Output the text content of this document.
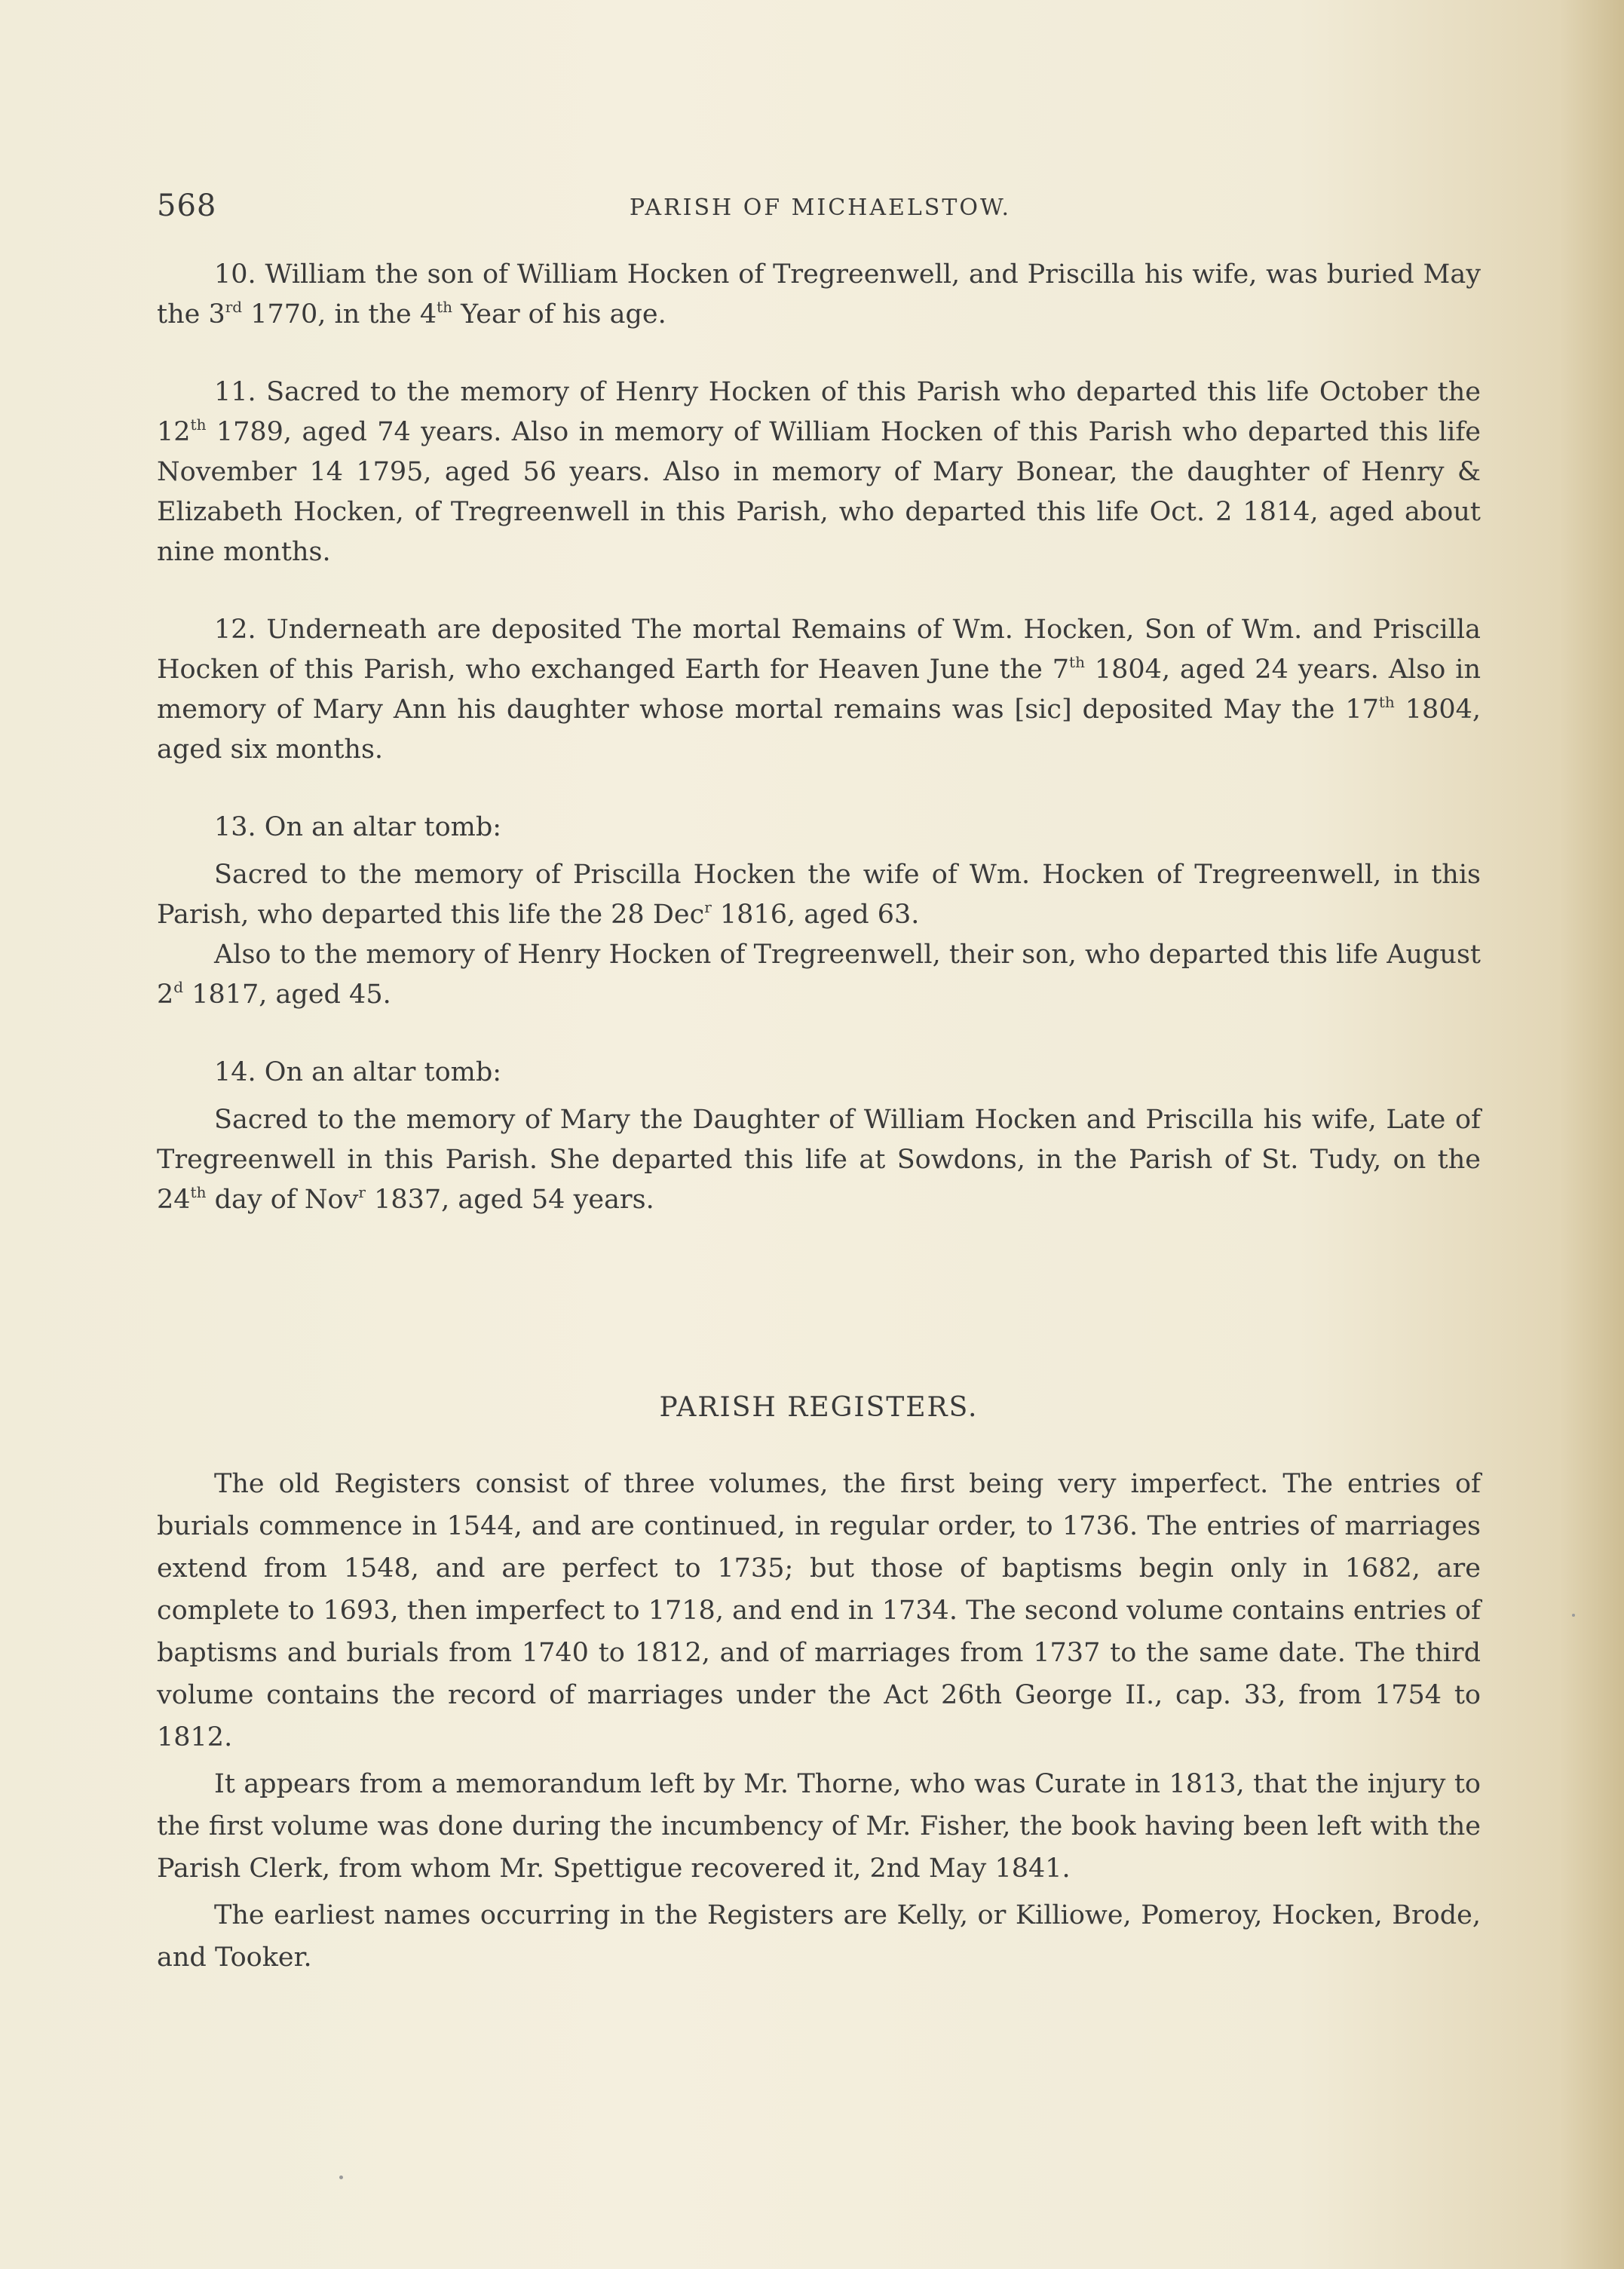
568	PARISH OF MICHAELSTOW.

10. William the son of William Hocken of Tregreenwell, and Priscilla his wife, was buried May the 3rd 1770, in the 4th Year of his age.

11. Sacred to the memory of Henry Hocken of this Parish who departed this life October the 12th 1789, aged 74 years. Also in memory of William Hocken of this Parish who departed this life November 14 1795, aged 56 years. Also in memory of Mary Bonear, the daughter of Henry & Elizabeth Hocken, of Tregreenwell in this Parish, who departed this life Oct. 2 1814, aged about nine months.

12. Underneath are deposited The mortal Remains of Wm. Hocken, Son of Wm. and Priscilla Hocken of this Parish, who exchanged Earth for Heaven June the 7th 1804, aged 24 years. Also in memory of Mary Ann his daughter whose mortal remains was [sic] deposited May the 17th 1804, aged six months.

13. On an altar tomb:

Sacred to the memory of Priscilla Hocken the wife of Wm. Hocken of Tregreenwell, in this Parish, who departed this life the 28 Dec$^r$ 1816, aged 63.

Also to the memory of Henry Hocken of Tregreenwell, their son, who departed this life August 2$^d$ 1817, aged 45.

14. On an altar tomb:

Sacred to the memory of Mary the Daughter of William Hocken and Priscilla his wife, Late of Tregreenwell in this Parish. She departed this life at Sowdons, in the Parish of St. Tudy, on the 24th day of Nov$^r$ 1837, aged 54 years.

PARISH REGISTERS.

The old Registers consist of three volumes, the first being very imperfect. The entries of burials commence in 1544, and are continued, in regular order, to 1736. The entries of marriages extend from 1548, and are perfect to 1735; but those of baptisms begin only in 1682, are complete to 1693, then imperfect to 1718, and end in 1734. The second volume contains entries of baptisms and burials from 1740 to 1812, and of marriages from 1737 to the same date. The third volume contains the record of marriages under the Act 26th George II., cap. 33, from 1754 to 1812.

It appears from a memorandum left by Mr. Thorne, who was Curate in 1813, that the injury to the first volume was done during the incumbency of Mr. Fisher, the book having been left with the Parish Clerk, from whom Mr. Spettigue recovered it, 2nd May 1841.

The earliest names occurring in the Registers are Kelly, or Killiowe, Pomeroy, Hocken, Brode, and Tooker.
